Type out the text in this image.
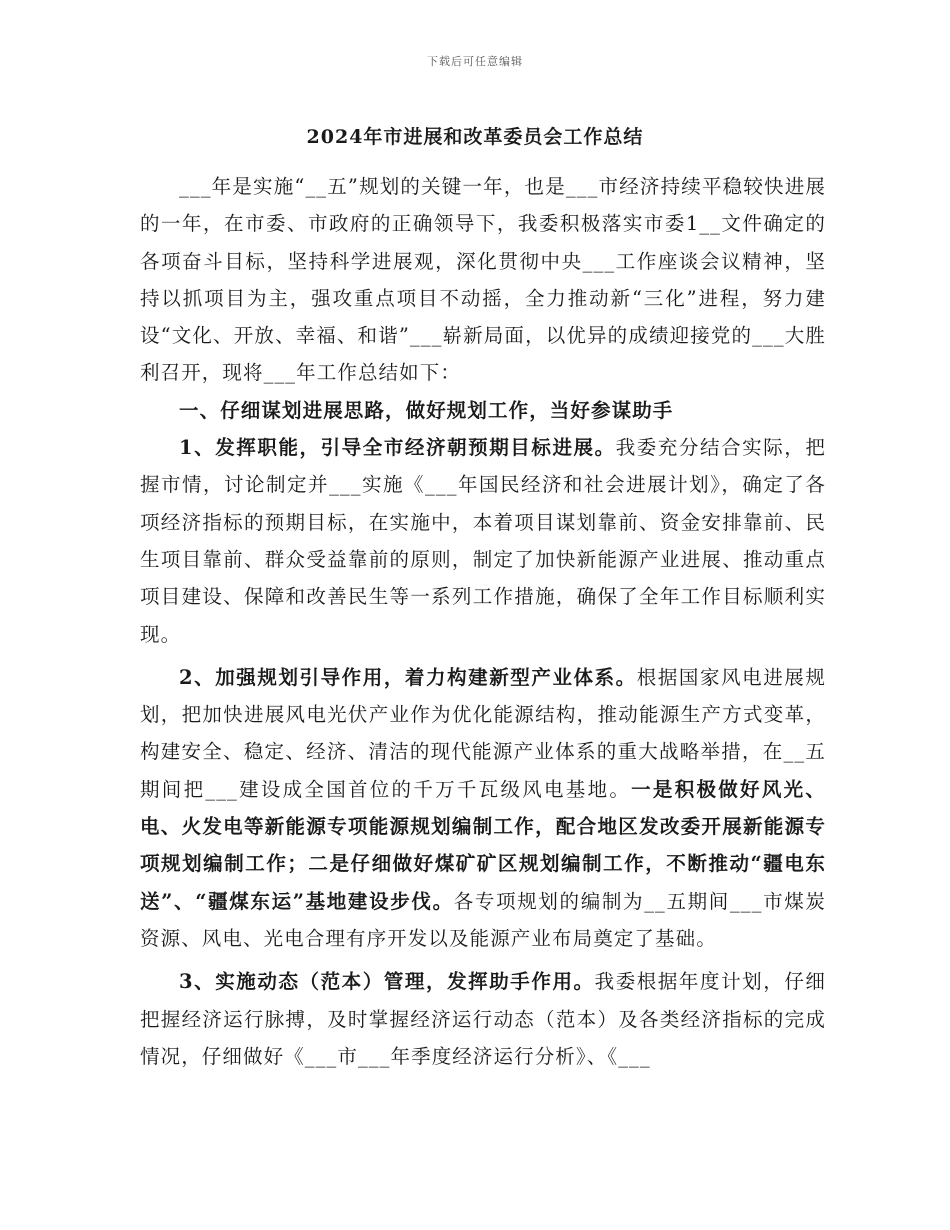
下载后可任意编辑
2024年市进展和改革委员会工作总结

___年是实施“__五”规划的关键一年，也是___市经济持续平稳较快进展的一年，在市委、市政府的正确领导下，我委积极落实市委1__文件确定的各项奋斗目标，坚持科学进展观，深化贯彻中央___工作座谈会议精神，坚持以抓项目为主，强攻重点项目不动摇，全力推动新“三化”进程，努力建设“文化、开放、幸福、和谐”___崭新局面，以优异的成绩迎接党的___大胜利召开，现将___年工作总结如下：

一、仔细谋划进展思路，做好规划工作，当好参谋助手

1、发挥职能，引导全市经济朝预期目标进展。我委充分结合实际，把握市情，讨论制定并___实施《___年国民经济和社会进展计划》，确定了各项经济指标的预期目标，在实施中，本着项目谋划靠前、资金安排靠前、民生项目靠前、群众受益靠前的原则，制定了加快新能源产业进展、推动重点项目建设、保障和改善民生等一系列工作措施，确保了全年工作目标顺利实现。

2、加强规划引导作用，着力构建新型产业体系。根据国家风电进展规划，把加快进展风电光伏产业作为优化能源结构，推动能源生产方式变革，构建安全、稳定、经济、清洁的现代能源产业体系的重大战略举措，在__五期间把___建设成全国首位的千万千瓦级风电基地。一是积极做好风光、电、火发电等新能源专项能源规划编制工作，配合地区发改委开展新能源专项规划编制工作；二是仔细做好煤矿矿区规划编制工作，不断推动“疆电东送”、“疆煤东运”基地建设步伐。各专项规划的编制为__五期间___市煤炭资源、风电、光电合理有序开发以及能源产业布局奠定了基础。

3、实施动态（范本）管理，发挥助手作用。我委根据年度计划，仔细把握经济运行脉搏，及时掌握经济运行动态（范本）及各类经济指标的完成情况，仔细做好《___市___年季度经济运行分析》、《___
